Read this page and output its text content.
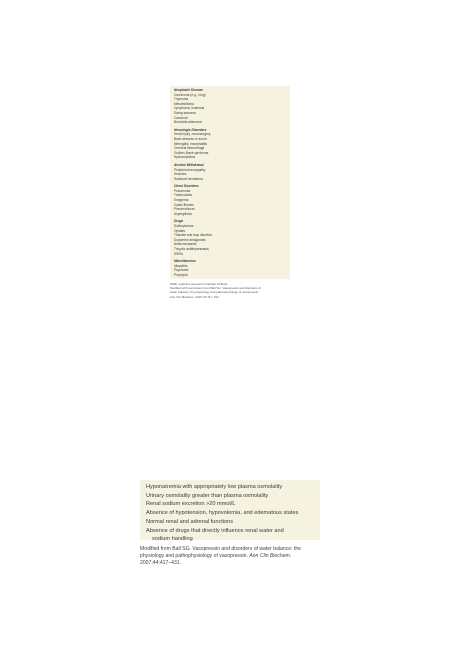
Neoplastic Disease
Carcinoma (e.g., lung)
Thymoma
Mesothelioma
Lymphoma, leukemia
Ewing sarcoma
Carcinoid
Bronchial adenoma
Neurologic Disorders
Head injury, neurosurgery
Brain abscess or tumor
Meningitis, encephalitis
Cerebral hemorrhage
Guillain-Barré syndrome
Hydrocephalus
Alcohol Withdrawal
Peripheral neuropathy
Seizures
Subdural hematoma
Chest Disorders
Pneumonia
Tuberculosis
Empyema
Cystic fibrosis
Pneumothorax
Aspergillosis
Drugs
Sulfonylureas
Opiates
Thiazide and loop diuretics
Dopamine antagonists
Anticonvulsants
Tricyclic antidepressants
SSRIs
Miscellaneous
Idiopathic
Psychosis
Porphyria
SSRI, selective serotonin reuptake inhibitor.
Modified with permission from Ball SG. Vasopressin and disorders of
water balance: the physiology and pathophysiology of vasopressin.
Ann Clin Biochem. 2007;44:417–431.
Hyponatremia with appropriately low plasma osmolality
Urinary osmolality greater than plasma osmolality
Renal sodium excretion >20 mmol/L
Absence of hypotension, hypovolemia, and edematous states
Normal renal and adrenal functions
Absence of drugs that directly influence renal water and
sodium handling
Modified from Ball SG. Vasopressin and disorders of water balance: the
physiology and pathophysiology of vasopressin. Ann Clin Biochem.
2007;44:417–431.
